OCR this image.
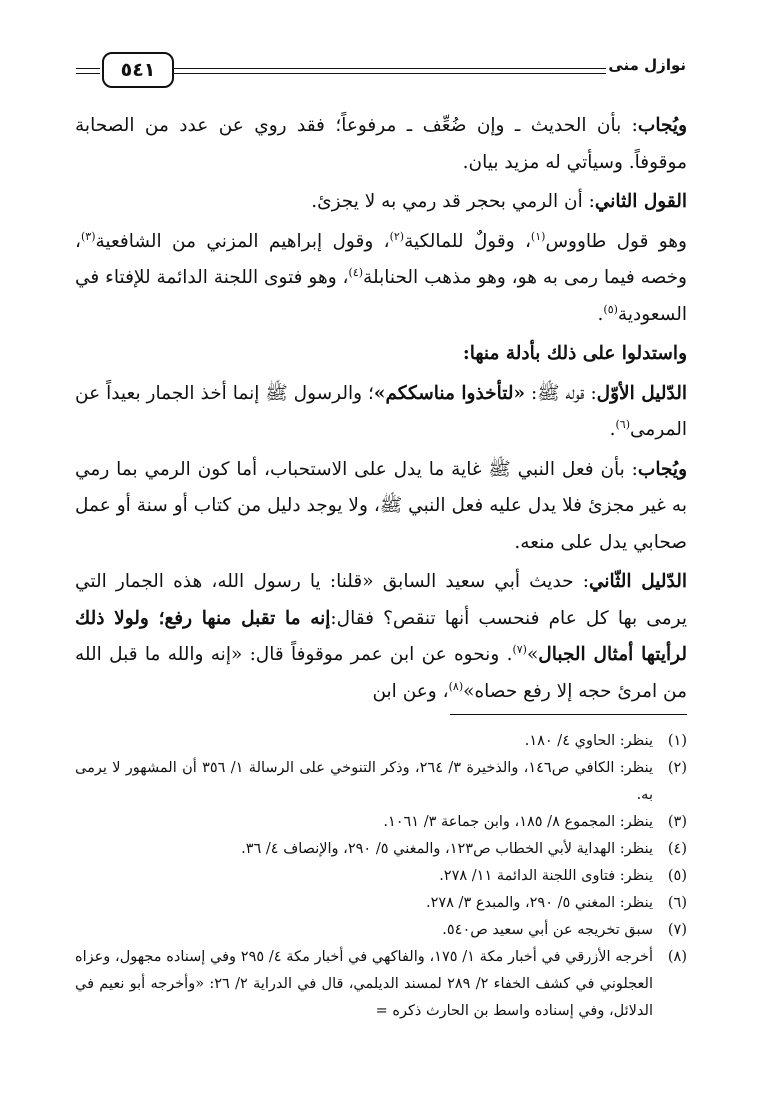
نوازل منى
٥٤١

ويُجاب: بأن الحديث ـ وإن ضُعِّف ـ مرفوعاً؛ فقد روي عن عدد من الصحابة موقوفاً. وسيأتي له مزيد بيان.

القول الثاني: أن الرمي بحجر قد رمي به لا يجزئ.

وهو قول طاووس$^{(١)}$، وقولٌ للمالكية$^{(٢)}$، وقول إبراهيم المزني من الشافعية$^{(٣)}$، وخصه فيما رمى به هو، وهو مذهب الحنابلة$^{(٤)}$، وهو فتوى اللجنة الدائمة للإفتاء في السعودية$^{(٥)}$.

واستدلوا على ذلك بأدلة منها:

الدّليل الأوّل: قوله ﷺ: «لتأخذوا مناسككم»؛ والرسول ﷺ إنما أخذ الجمار بعيداً عن المرمى$^{(٦)}$.

ويُجاب: بأن فعل النبي ﷺ غاية ما يدل على الاستحباب، أما كون الرمي بما رمي به غير مجزئ فلا يدل عليه فعل النبي ﷺ، ولا يوجد دليل من كتاب أو سنة أو عمل صحابي يدل على منعه.

الدّليل الثّاني: حديث أبي سعيد السابق «قلنا: يا رسول الله، هذه الجمار التي يرمى بها كل عام فنحسب أنها تنقص؟ فقال:إنه ما تقبل منها رفع؛ ولولا ذلك لرأيتها أمثال الجبال»$^{(٧)}$. ونحوه عن ابن عمر موقوفاً قال: «إنه والله ما قبل الله من امرئ حجه إلا رفع حصاه»$^{(٨)}$، وعن ابن

(١)
ينظر: الحاوي ٤/ ١٨٠.
(٢)
ينظر: الكافي ص١٤٦، والذخيرة ٣/ ٢٦٤، وذكر التنوخي على الرسالة ١/ ٣٥٦ أن المشهور لا يرمى به.
(٣)
ينظر: المجموع ٨/ ١٨٥، وابن جماعة ٣/ ١٠٦١.
(٤)
ينظر: الهداية لأبي الخطاب ص١٢٣، والمغني ٥/ ٢٩٠، والإنصاف ٤/ ٣٦.
(٥)
ينظر: فتاوى اللجنة الدائمة ١١/ ٢٧٨.
(٦)
ينظر: المغني ٥/ ٢٩٠، والمبدع ٣/ ٢٧٨.
(٧)
سبق تخريجه عن أبي سعيد ص٥٤٠.
(٨)
أخرجه الأزرقي في أخبار مكة ١/ ١٧٥، والفاكهي في أخبار مكة ٤/ ٢٩٥ وفي إسناده مجهول، وعزاه العجلوني في كشف الخفاء ٢/ ٢٨٩ لمسند الديلمي، قال في الدراية ٢/ ٢٦: «وأخرجه أبو نعيم في الدلائل، وفي إسناده واسط بن الحارث ذكره =
